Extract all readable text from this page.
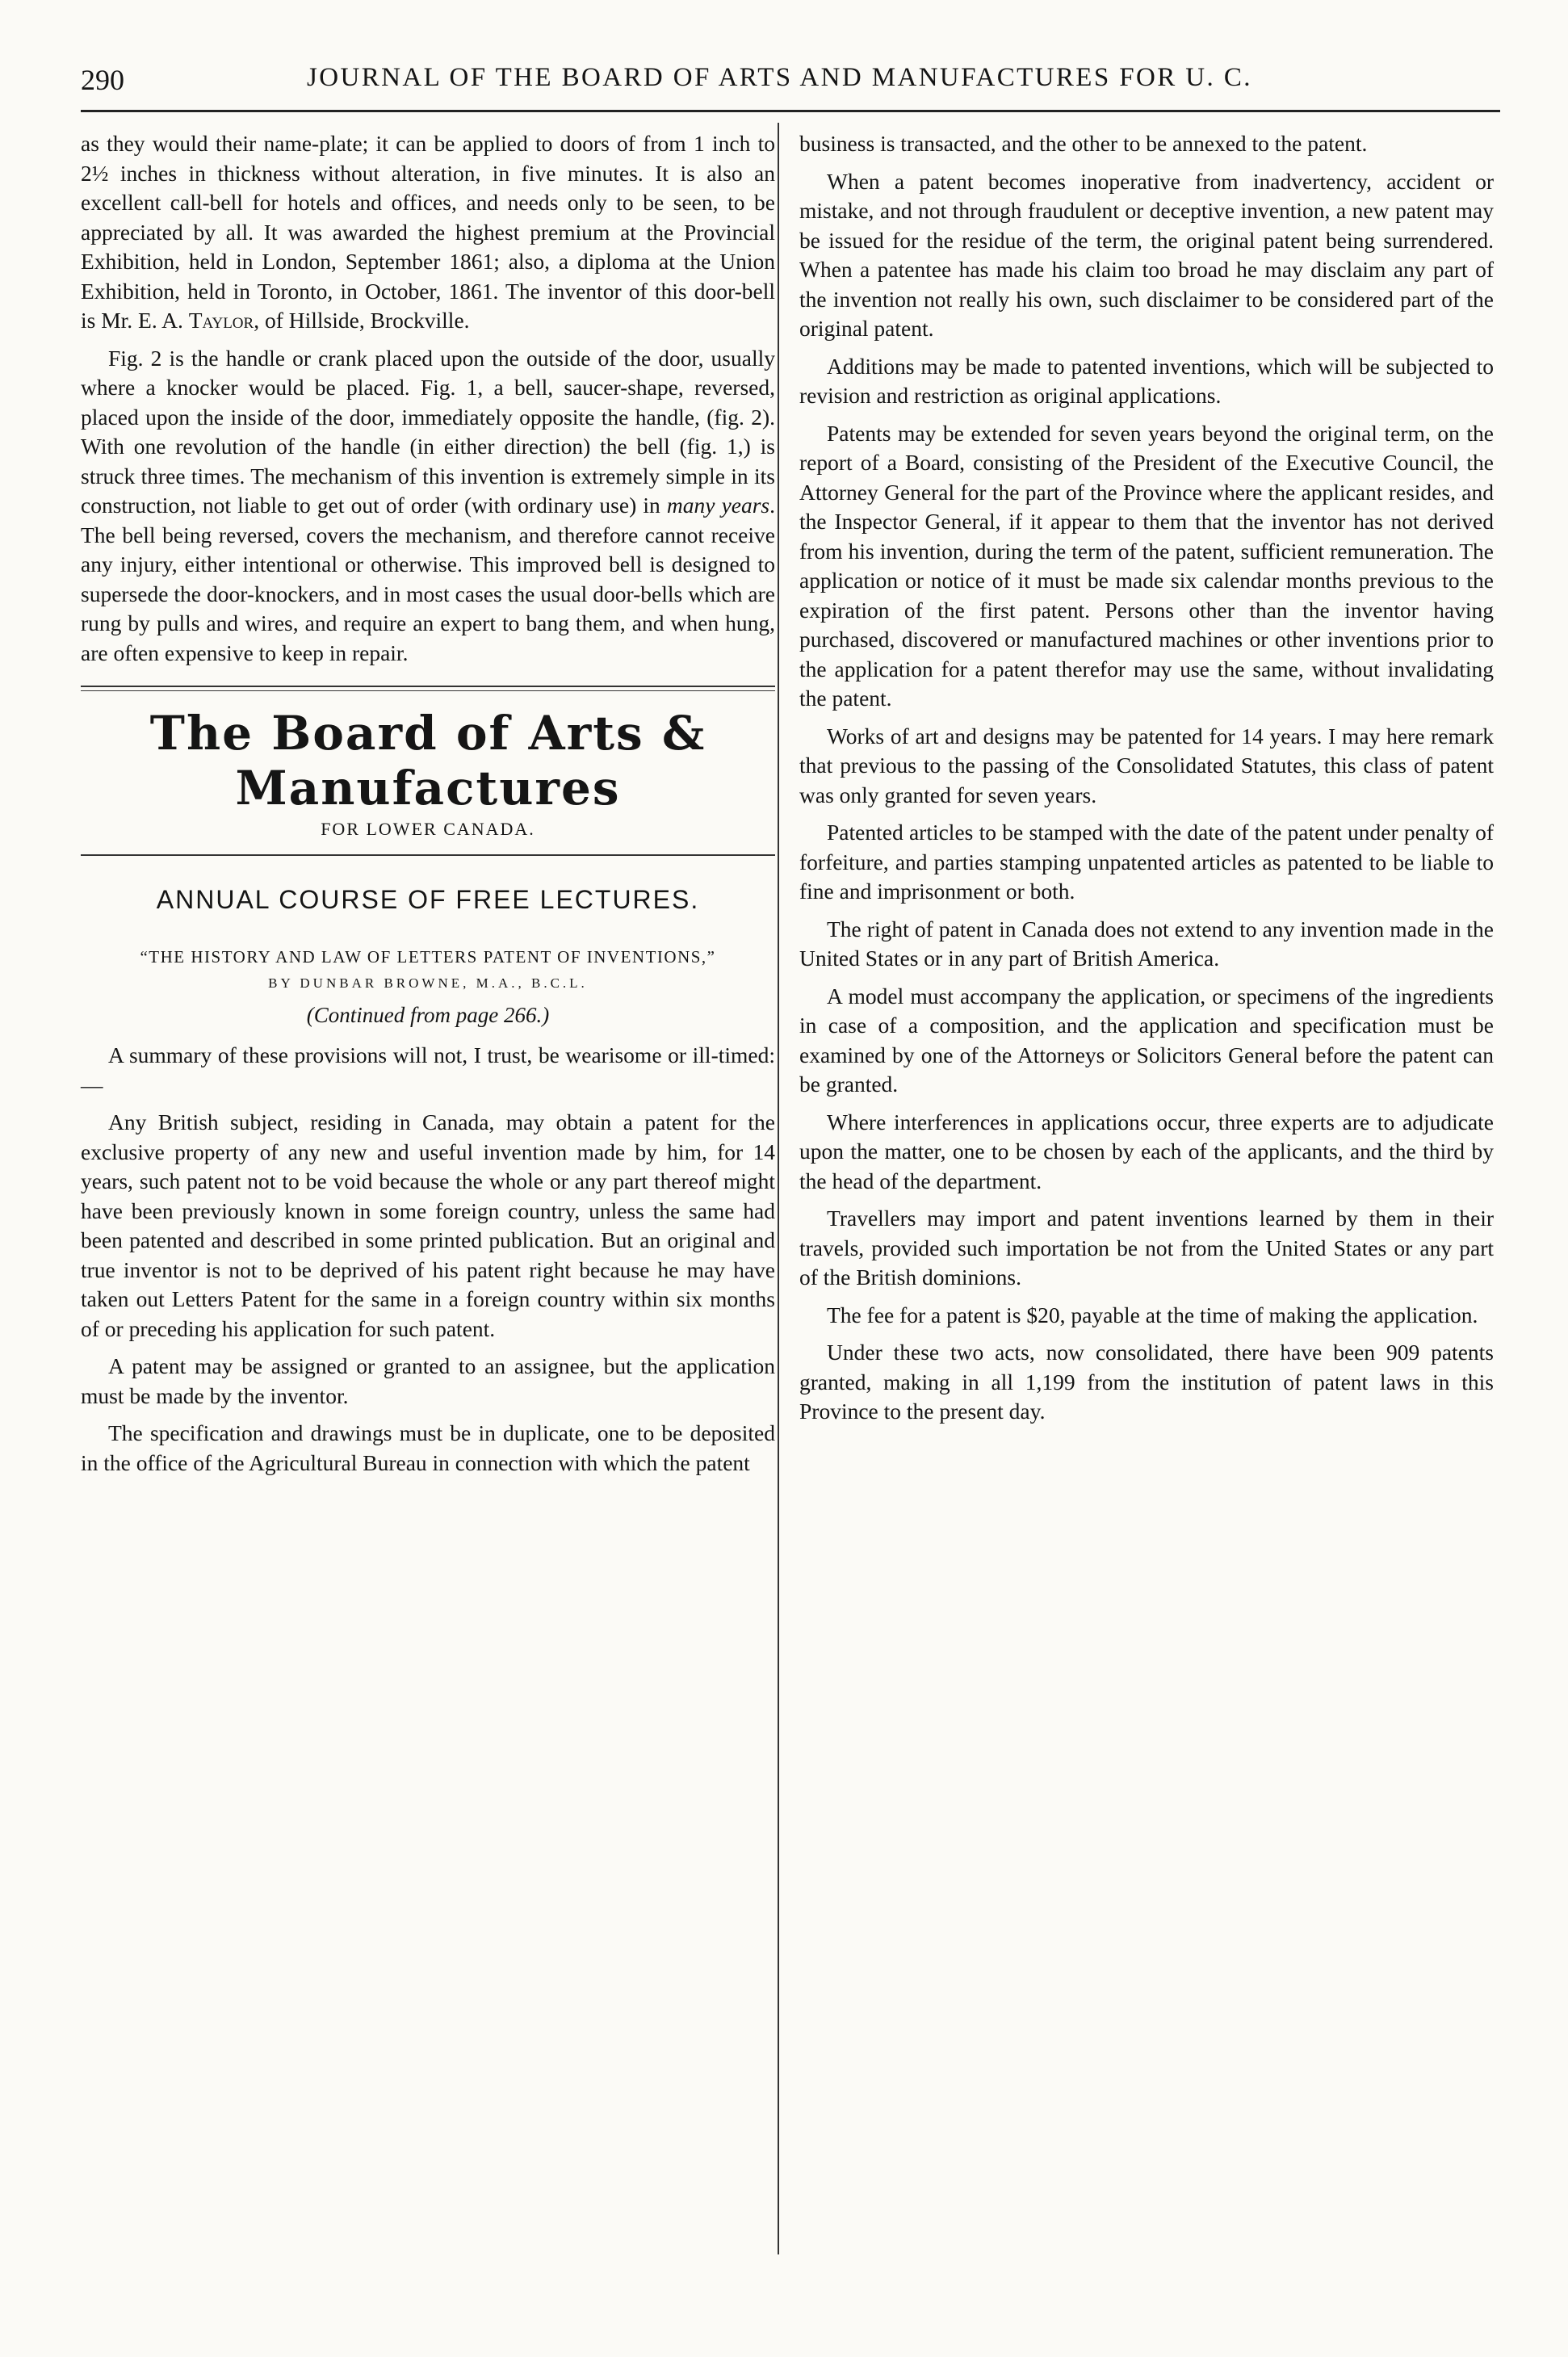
290	JOURNAL OF THE BOARD OF ARTS AND MANUFACTURES FOR U. C.

as they would their name-plate; it can be applied to doors of from 1 inch to 2½ inches in thickness without alteration, in five minutes. It is also an excellent call-bell for hotels and offices, and needs only to be seen, to be appreciated by all. It was awarded the highest premium at the Provincial Exhibition, held in London, September 1861; also, a diploma at the Union Exhibition, held in Toronto, in October, 1861. The inventor of this door-bell is Mr. E. A. Taylor, of Hillside, Brockville.

Fig. 2 is the handle or crank placed upon the outside of the door, usually where a knocker would be placed. Fig. 1, a bell, saucer-shape, reversed, placed upon the inside of the door, immediately opposite the handle, (fig. 2). With one revolution of the handle (in either direction) the bell (fig. 1,) is struck three times. The mechanism of this invention is extremely simple in its construction, not liable to get out of order (with ordinary use) in many years. The bell being reversed, covers the mechanism, and therefore cannot receive any injury, either intentional or otherwise. This improved bell is designed to supersede the door-knockers, and in most cases the usual door-bells which are rung by pulls and wires, and require an expert to bang them, and when hung, are often expensive to keep in repair.

The Board of Arts & Manufactures
FOR LOWER CANADA.
ANNUAL COURSE OF FREE LECTURES.
“THE HISTORY AND LAW OF LETTERS PATENT OF INVENTIONS,”
BY DUNBAR BROWNE, M.A., B.C.L.
(Continued from page 266.)

A summary of these provisions will not, I trust, be wearisome or ill-timed:—

Any British subject, residing in Canada, may obtain a patent for the exclusive property of any new and useful invention made by him, for 14 years, such patent not to be void because the whole or any part thereof might have been previously known in some foreign country, unless the same had been patented and described in some printed publication. But an original and true inventor is not to be deprived of his patent right because he may have taken out Letters Patent for the same in a foreign country within six months of or preceding his application for such patent.

A patent may be assigned or granted to an assignee, but the application must be made by the inventor.

The specification and drawings must be in duplicate, one to be deposited in the office of the Agricultural Bureau in connection with which the patent

business is transacted, and the other to be annexed to the patent.

When a patent becomes inoperative from inadvertency, accident or mistake, and not through fraudulent or deceptive invention, a new patent may be issued for the residue of the term, the original patent being surrendered. When a patentee has made his claim too broad he may disclaim any part of the invention not really his own, such disclaimer to be considered part of the original patent.

Additions may be made to patented inventions, which will be subjected to revision and restriction as original applications.

Patents may be extended for seven years beyond the original term, on the report of a Board, consisting of the President of the Executive Council, the Attorney General for the part of the Province where the applicant resides, and the Inspector General, if it appear to them that the inventor has not derived from his invention, during the term of the patent, sufficient remuneration. The application or notice of it must be made six calendar months previous to the expiration of the first patent. Persons other than the inventor having purchased, discovered or manufactured machines or other inventions prior to the application for a patent therefor may use the same, without invalidating the patent.

Works of art and designs may be patented for 14 years. I may here remark that previous to the passing of the Consolidated Statutes, this class of patent was only granted for seven years.

Patented articles to be stamped with the date of the patent under penalty of forfeiture, and parties stamping unpatented articles as patented to be liable to fine and imprisonment or both.

The right of patent in Canada does not extend to any invention made in the United States or in any part of British America.

A model must accompany the application, or specimens of the ingredients in case of a composition, and the application and specification must be examined by one of the Attorneys or Solicitors General before the patent can be granted.

Where interferences in applications occur, three experts are to adjudicate upon the matter, one to be chosen by each of the applicants, and the third by the head of the department.

Travellers may import and patent inventions learned by them in their travels, provided such importation be not from the United States or any part of the British dominions.

The fee for a patent is $20, payable at the time of making the application.

Under these two acts, now consolidated, there have been 909 patents granted, making in all 1,199 from the institution of patent laws in this Province to the present day.
